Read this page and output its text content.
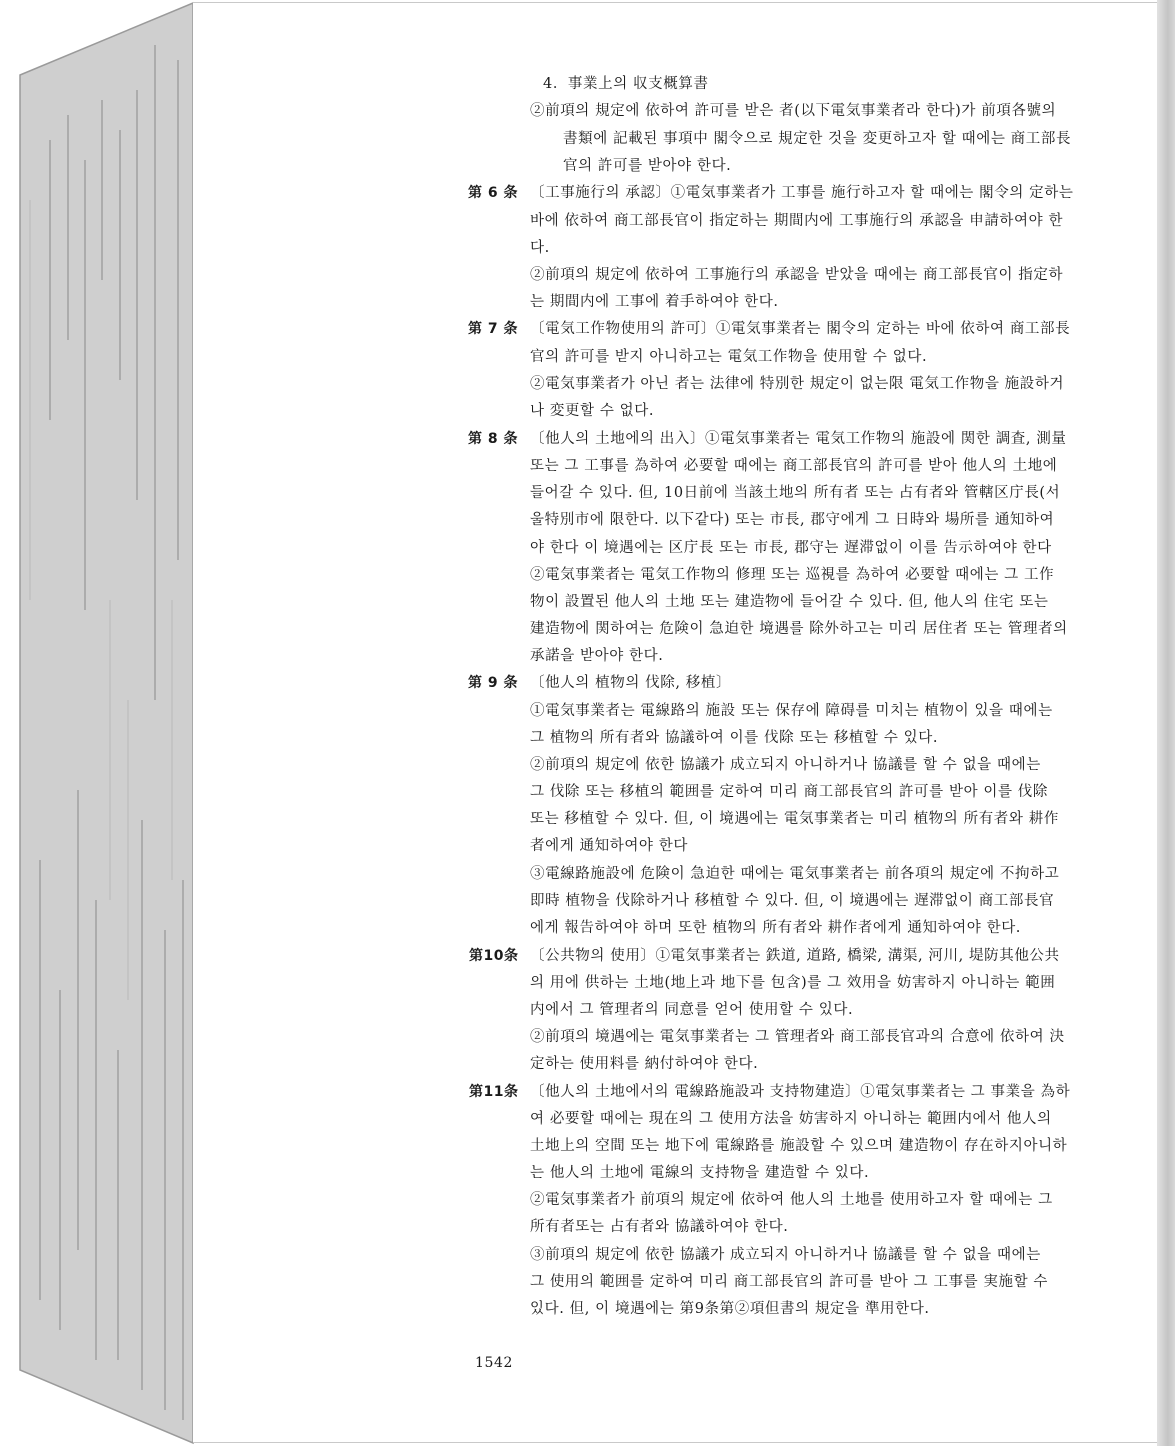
第 6 条
第 7 条
第 8 条
第 9 条
第10条
第11条
4．事業上의 収支概算書
②前項의 規定에 依하여 許可를 받은 者(以下電気事業者라 한다)가 前項各號의
書類에 記載된 事項中 閣令으로 規定한 것을 変更하고자 할 때에는 商工部長
官의 許可를 받아야 한다.
〔工事施行의 承認〕①電気事業者가 工事를 施行하고자 할 때에는 閣令의 定하는
바에 依하여 商工部長官이 指定하는 期間内에 工事施行의 承認을 申請하여야 한
다.
②前項의 規定에 依하여 工事施行의 承認을 받았을 때에는 商工部長官이 指定하
는 期間内에 工事에 着手하여야 한다.
〔電気工作物使用의 許可〕①電気事業者는 閣令의 定하는 바에 依하여 商工部長
官의 許可를 받지 아니하고는 電気工作物을 使用할 수 없다.
②電気事業者가 아닌 者는 法律에 特別한 規定이 없는限 電気工作物을 施設하거
나 変更할 수 없다.
〔他人의 土地에의 出入〕①電気事業者는 電気工作物의 施設에 関한 調査, 測量
또는 그 工事를 為하여 必要할 때에는 商工部長官의 許可를 받아 他人의 土地에
들어갈 수 있다. 但, 10日前에 当該土地의 所有者 또는 占有者와 管轄区庁長(서
울特別市에 限한다. 以下같다) 또는 市長, 郡守에게 그 日時와 場所를 通知하여
야 한다 이 境遇에는 区庁長 또는 市長, 郡守는 遅滞없이 이를 告示하여야 한다
②電気事業者는 電気工作物의 修理 또는 巡視를 為하여 必要할 때에는 그 工作
物이 設置된 他人의 土地 또는 建造物에 들어갈 수 있다. 但, 他人의 住宅 또는
建造物에 関하여는 危険이 急迫한 境遇를 除外하고는 미리 居住者 또는 管理者의
承諾을 받아야 한다.
〔他人의 植物의 伐除, 移植〕
①電気事業者는 電線路의 施設 또는 保存에 障碍를 미치는 植物이 있을 때에는
그 植物의 所有者와 協議하여 이를 伐除 또는 移植할 수 있다.
②前項의 規定에 依한 協議가 成立되지 아니하거나 協議를 할 수 없을 때에는
그 伐除 또는 移植의 範囲를 定하여 미리 商工部長官의 許可를 받아 이를 伐除
또는 移植할 수 있다. 但, 이 境遇에는 電気事業者는 미리 植物의 所有者와 耕作
者에게 通知하여야 한다
③電線路施設에 危険이 急迫한 때에는 電気事業者는 前各項의 規定에 不拘하고
即時 植物을 伐除하거나 移植할 수 있다. 但, 이 境遇에는 遅滞없이 商工部長官
에게 報告하여야 하며 또한 植物의 所有者와 耕作者에게 通知하여야 한다.
〔公共物의 使用〕①電気事業者는 鉄道, 道路, 橋梁, 溝渠, 河川, 堤防其他公共
의 用에 供하는 土地(地上과 地下를 包含)를 그 效用을 妨害하지 아니하는 範囲
内에서 그 管理者의 同意를 얻어 使用할 수 있다.
②前項의 境遇에는 電気事業者는 그 管理者와 商工部長官과의 合意에 依하여 決
定하는 使用料를 納付하여야 한다.
〔他人의 土地에서의 電線路施設과 支持物建造〕①電気事業者는 그 事業을 為하
여 必要할 때에는 現在의 그 使用方法을 妨害하지 아니하는 範囲内에서 他人의
土地上의 空間 또는 地下에 電線路를 施設할 수 있으며 建造物이 存在하지아니하
는 他人의 土地에 電線의 支持物을 建造할 수 있다.
②電気事業者가 前項의 規定에 依하여 他人의 土地를 使用하고자 할 때에는 그
所有者또는 占有者와 協議하여야 한다.
③前項의 規定에 依한 協議가 成立되지 아니하거나 協議를 할 수 없을 때에는
그 使用의 範囲를 定하여 미리 商工部長官의 許可를 받아 그 工事를 実施할 수
있다. 但, 이 境遇에는 第9条第②項但書의 規定을 準用한다.
1542
